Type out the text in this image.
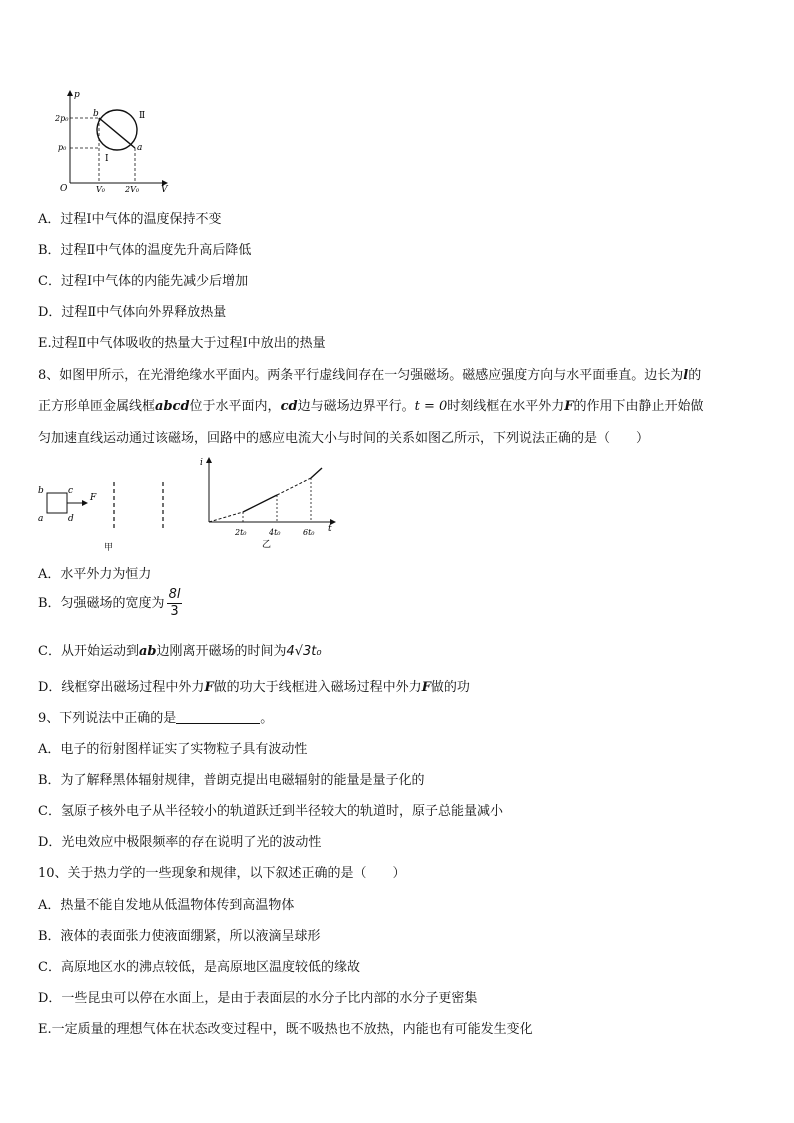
p
V
O
2p₀
p₀
V₀	2V₀
b
a
Ⅰ
Ⅱ
A．过程Ⅰ中气体的温度保持不变
B．过程Ⅱ中气体的温度先升高后降低
C．过程Ⅰ中气体的内能先减少后增加
D．过程Ⅱ中气体向外界释放热量
E.过程Ⅱ中气体吸收的热量大于过程Ⅰ中放出的热量
8、如图甲所示，在光滑绝缘水平面内。两条平行虚线间存在一匀强磁场。磁感应强度方向与水平面垂直。边长为l的
正方形单匝金属线框abcd位于水平面内，cd边与磁场边界平行。t = 0时刻线框在水平外力F的作用下由静止开始做
匀加速直线运动通过该磁场，回路中的感应电流大小与时间的关系如图乙所示，下列说法正确的是（　　）
b	c
a	d
F
甲
i
t
2t₀	4t₀	6t₀
乙
A．水平外力为恒力
B．匀强磁场的宽度为 $\frac{8l}{3}$
C．从开始运动到ab边刚离开磁场的时间为4√3t₀
D．线框穿出磁场过程中外力F做的功大于线框进入磁场过程中外力F做的功
9、下列说法中正确的是	。
A．电子的衍射图样证实了实物粒子具有波动性
B．为了解释黑体辐射规律，普朗克提出电磁辐射的能量是量子化的
C．氢原子核外电子从半径较小的轨道跃迁到半径较大的轨道时，原子总能量减小
D．光电效应中极限频率的存在说明了光的波动性
10、关于热力学的一些现象和规律，以下叙述正确的是（　　）
A．热量不能自发地从低温物体传到高温物体
B．液体的表面张力使液面绷紧，所以液滴呈球形
C．高原地区水的沸点较低，是高原地区温度较低的缘故
D．一些昆虫可以停在水面上，是由于表面层的水分子比内部的水分子更密集
E.一定质量的理想气体在状态改变过程中，既不吸热也不放热，内能也有可能发生变化
